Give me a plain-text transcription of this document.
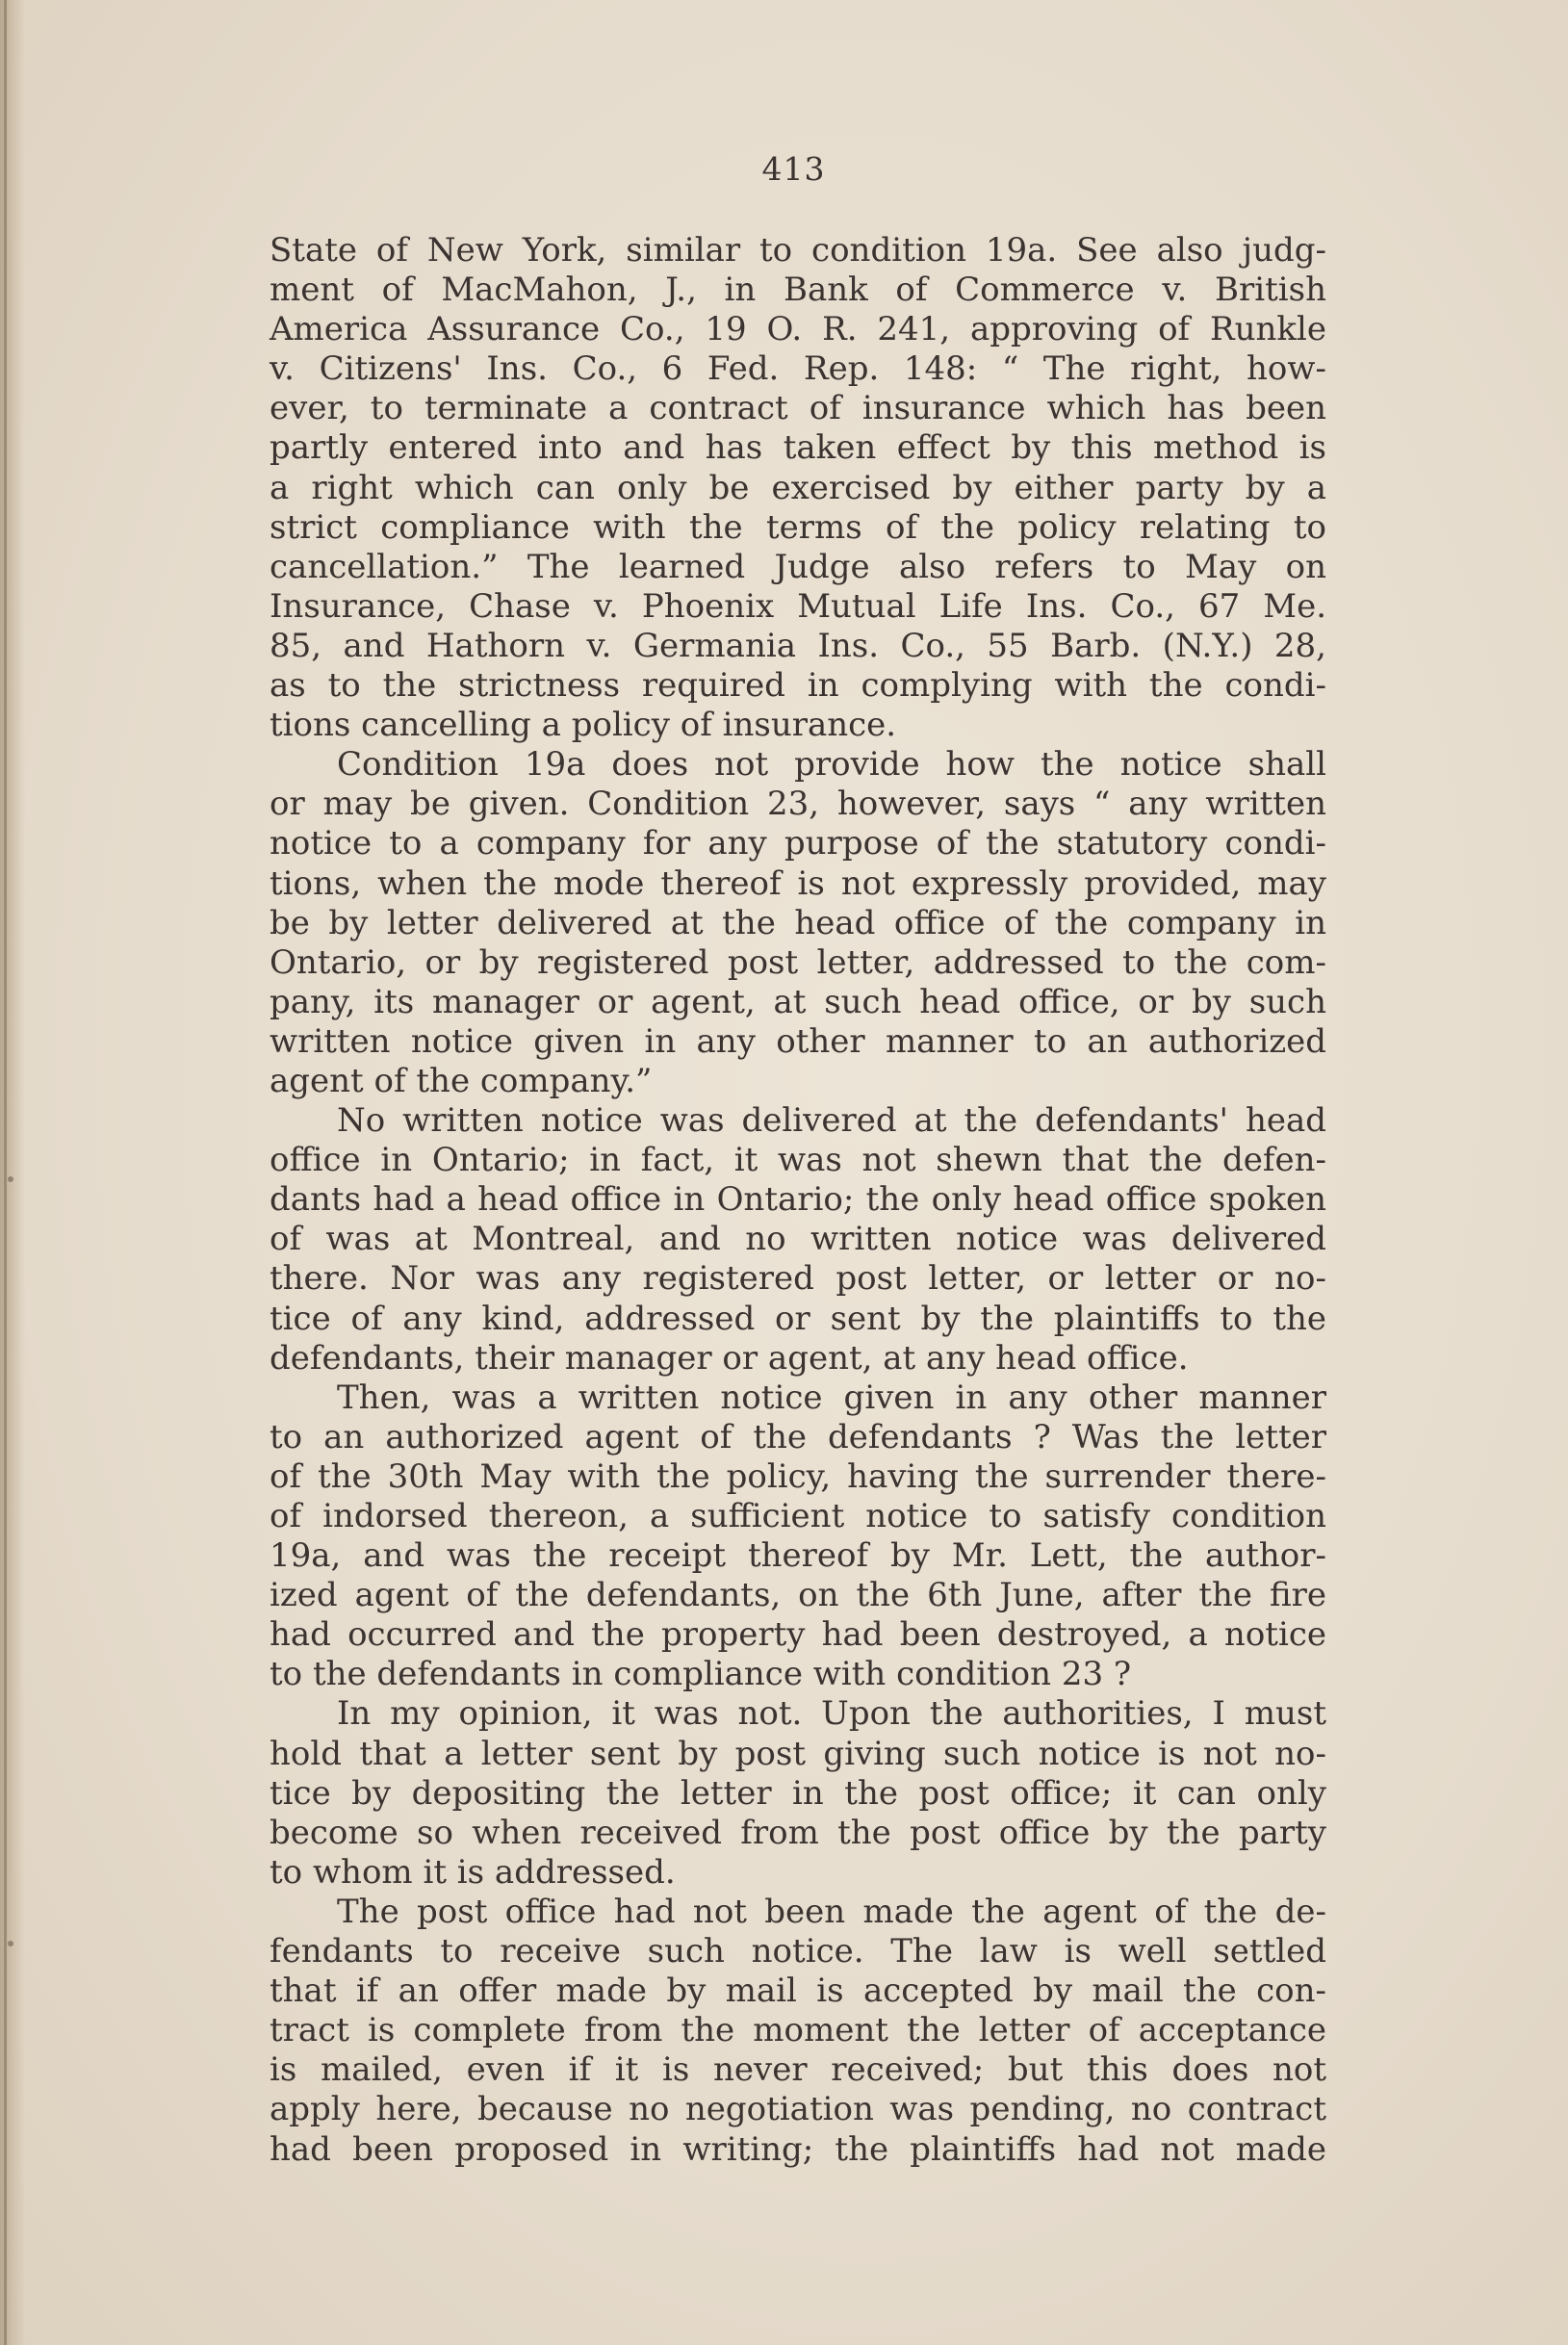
413
State of New York, similar to condition 19a. See also judg-
ment of MacMahon, J., in Bank of Commerce v. British
America Assurance Co., 19 O. R. 241, approving of Runkle
v. Citizens' Ins. Co., 6 Fed. Rep. 148: “ The right, how-
ever, to terminate a contract of insurance which has been
partly entered into and has taken effect by this method is
a right which can only be exercised by either party by a
strict compliance with the terms of the policy relating to
cancellation.” The learned Judge also refers to May on
Insurance, Chase v. Phoenix Mutual Life Ins. Co., 67 Me.
85, and Hathorn v. Germania Ins. Co., 55 Barb. (N.Y.) 28,
as to the strictness required in complying with the condi-
tions cancelling a policy of insurance.
Condition 19a does not provide how the notice shall
or may be given. Condition 23, however, says “ any written
notice to a company for any purpose of the statutory condi-
tions, when the mode thereof is not expressly provided, may
be by letter delivered at the head office of the company in
Ontario, or by registered post letter, addressed to the com-
pany, its manager or agent, at such head office, or by such
written notice given in any other manner to an authorized
agent of the company.”
No written notice was delivered at the defendants' head
office in Ontario; in fact, it was not shewn that the defen-
dants had a head office in Ontario; the only head office spoken
of was at Montreal, and no written notice was delivered
there. Nor was any registered post letter, or letter or no-
tice of any kind, addressed or sent by the plaintiffs to the
defendants, their manager or agent, at any head office.
Then, was a written notice given in any other manner
to an authorized agent of the defendants ? Was the letter
of the 30th May with the policy, having the surrender there-
of indorsed thereon, a sufficient notice to satisfy condition
19a, and was the receipt thereof by Mr. Lett, the author-
ized agent of the defendants, on the 6th June, after the fire
had occurred and the property had been destroyed, a notice
to the defendants in compliance with condition 23 ?
In my opinion, it was not. Upon the authorities, I must
hold that a letter sent by post giving such notice is not no-
tice by depositing the letter in the post office; it can only
become so when received from the post office by the party
to whom it is addressed.
The post office had not been made the agent of the de-
fendants to receive such notice. The law is well settled
that if an offer made by mail is accepted by mail the con-
tract is complete from the moment the letter of acceptance
is mailed, even if it is never received; but this does not
apply here, because no negotiation was pending, no contract
had been proposed in writing; the plaintiffs had not made
